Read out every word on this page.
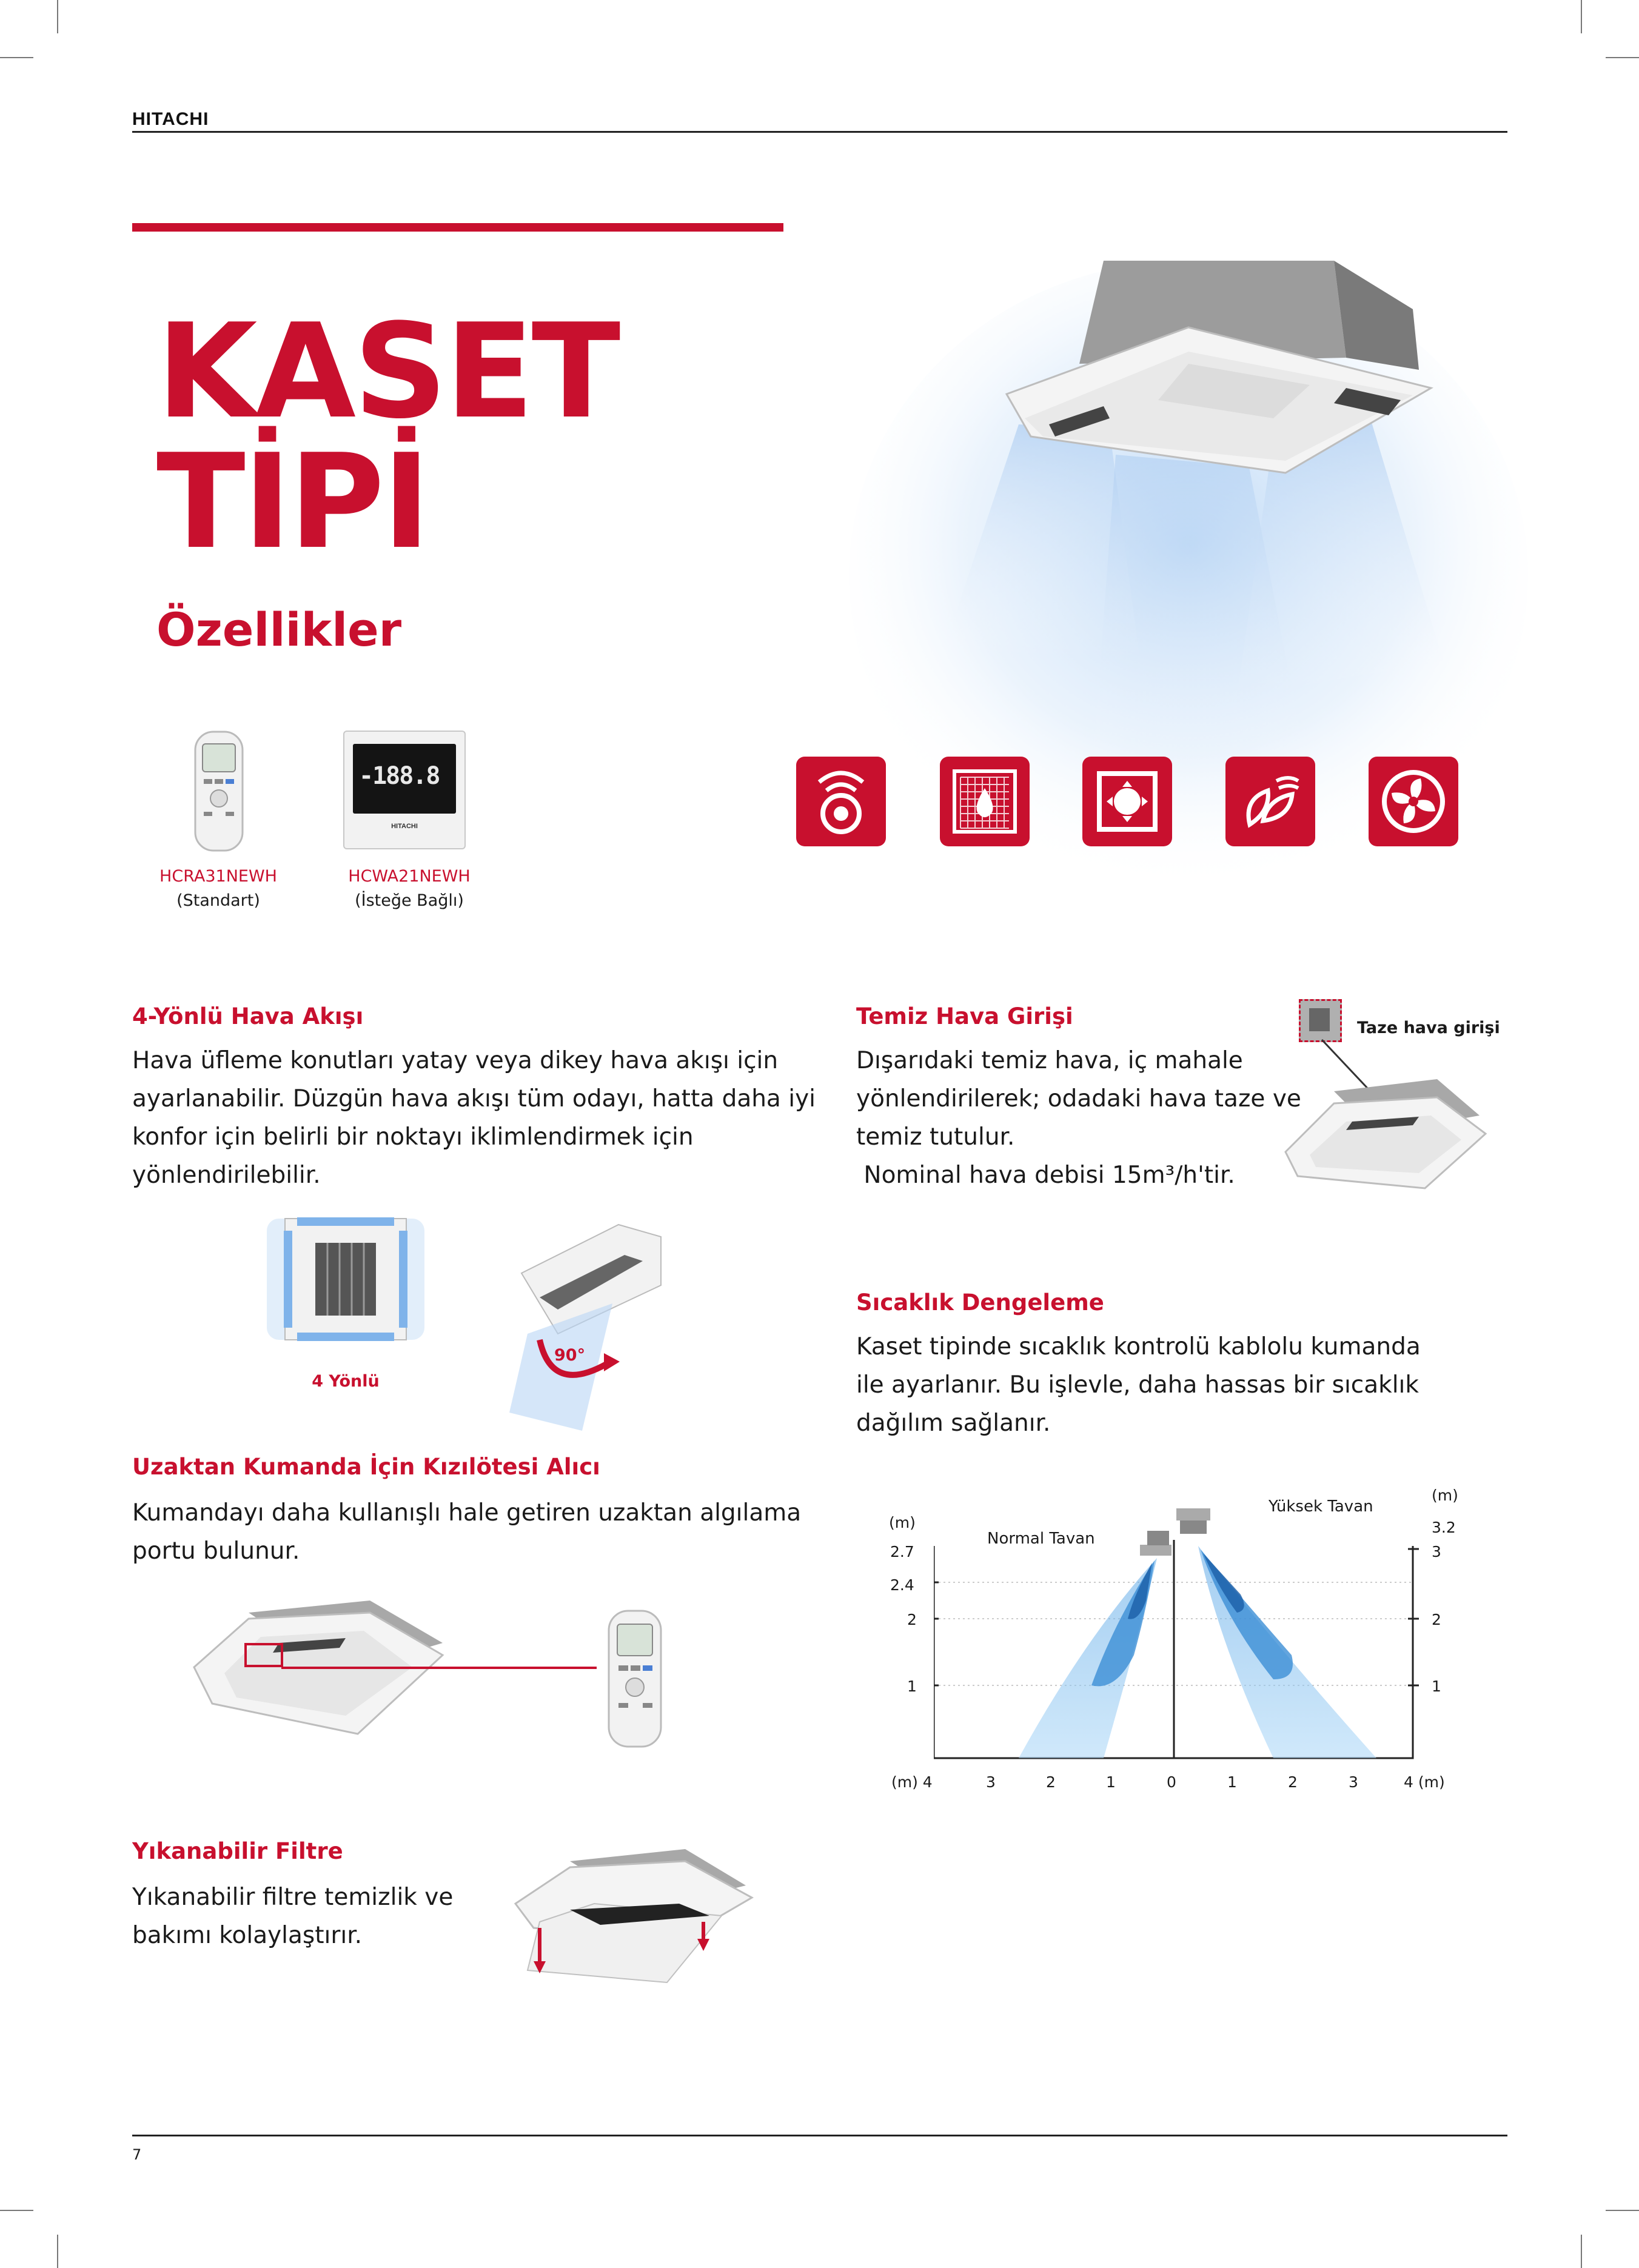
HITACHI
KASET
TİPİ
Özellikler
-188.8
HITACHI
HCRA31NEWH
(Standart)
HCWA21NEWH
(İsteğe Bağlı)
4-Yönlü Hava Akışı
Hava üfleme konutları yatay veya dikey hava akışı için
ayarlanabilir. Düzgün hava akışı tüm odayı, hatta daha iyi
konfor için belirli bir noktayı iklimlendirmek için
yönlendirilebilir.
4 Yönlü
90°
Uzaktan Kumanda İçin Kızılötesi Alıcı
Kumandayı daha kullanışlı hale getiren uzaktan algılama
portu bulunur.
Yıkanabilir Filtre
Yıkanabilir filtre temizlik ve
bakımı kolaylaştırır.
Temiz Hava Girişi
Dışarıdaki temiz hava, iç mahale
yönlendirilerek; odadaki hava taze ve
temiz tutulur.
Nominal hava debisi 15m³/h'tir.
Taze hava girişi
Sıcaklık Dengeleme
Kaset tipinde sıcaklık kontrolü kablolu kumanda
ile ayarlanır. Bu işlevle, daha hassas bir sıcaklık
dağılım sağlanır.
Normal Tavan
Yüksek Tavan
(m)
(m)
2.7
2.4
2
1
3.2
3
2
1
(m) 4	3	2	1	0	1	2	3	4 (m)
7
